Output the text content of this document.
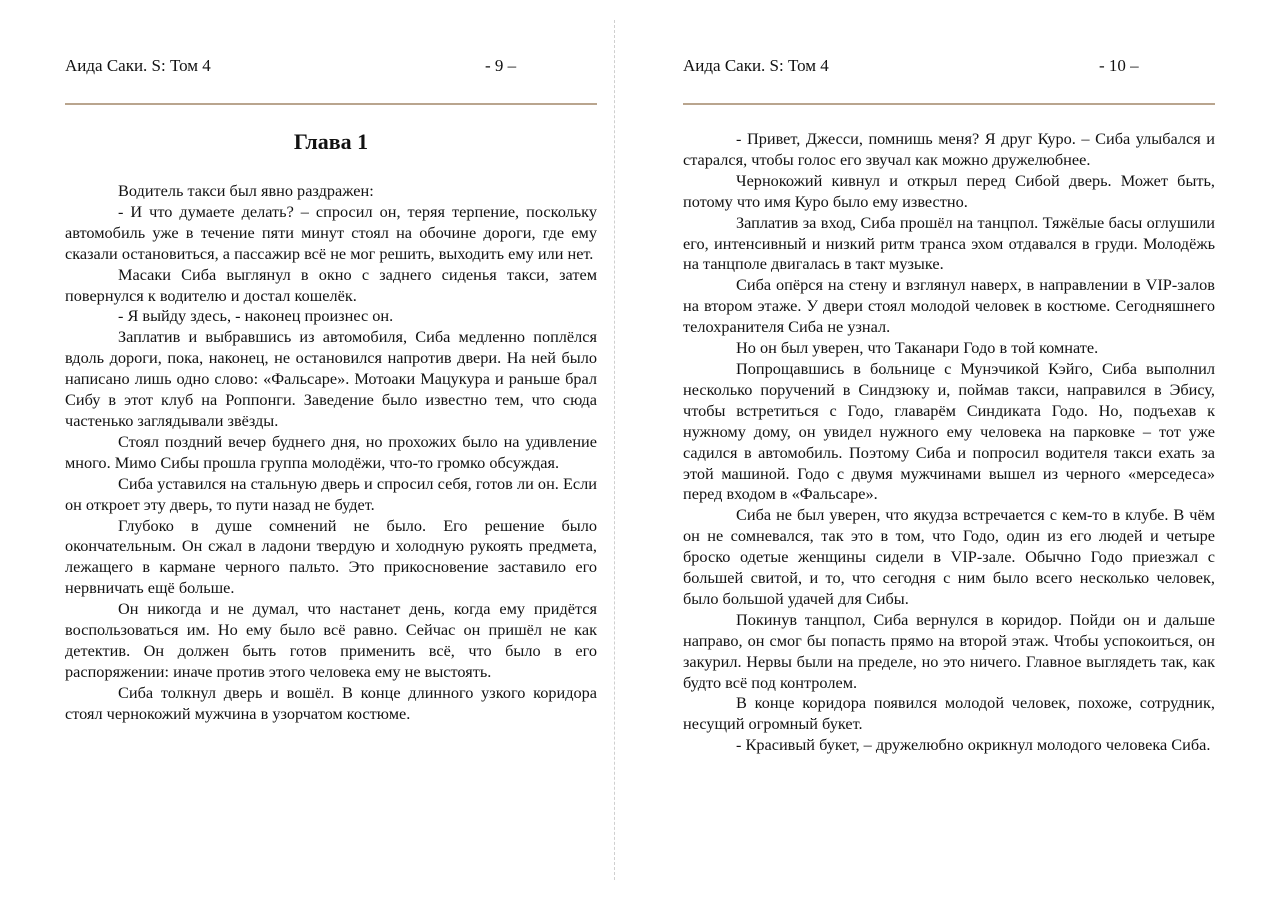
Аида Саки. S: Том 4	- 9 –
Глава 1

Водитель такси был явно раздражен:

- И что думаете делать? – спросил он, теряя терпение, поскольку автомобиль уже в течение пяти минут стоял на обочине дороги, где ему сказали остановиться, а пассажир всё не мог решить, выходить ему или нет.

Масаки Сиба выглянул в окно с заднего сиденья такси, затем повернулся к водителю и достал кошелёк.

- Я выйду здесь, - наконец произнес он.

Заплатив и выбравшись из автомобиля, Сиба медленно поплёлся вдоль дороги, пока, наконец, не остановился напротив двери. На ней было написано лишь одно слово: «Фальсаре». Мотоаки Мацукура и раньше брал Сибу в этот клуб на Роппонги. Заведение было известно тем, что сюда частенько заглядывали звёзды.

Стоял поздний вечер буднего дня, но прохожих было на удивление много. Мимо Сибы прошла группа молодёжи, что-то громко обсуждая.

Сиба уставился на стальную дверь и спросил себя, готов ли он. Если он откроет эту дверь, то пути назад не будет.

Глубоко в душе сомнений не было. Его решение было окончательным. Он сжал в ладони твердую и холодную рукоять предмета, лежащего в кармане черного пальто. Это прикосновение заставило его нервничать ещё больше.

Он никогда и не думал, что настанет день, когда ему придётся воспользоваться им. Но ему было всё равно. Сейчас он пришёл не как детектив. Он должен быть готов применить всё, что было в его распоряжении: иначе против этого человека ему не выстоять.

Сиба толкнул дверь и вошёл. В конце длинного узкого коридора стоял чернокожий мужчина в узорчатом костюме.

Аида Саки. S: Том 4	- 10 –

- Привет, Джесси, помнишь меня? Я друг Куро. – Сиба улыбался и старался, чтобы голос его звучал как можно дружелюбнее.

Чернокожий кивнул и открыл перед Сибой дверь. Может быть, потому что имя Куро было ему известно.

Заплатив за вход, Сиба прошёл на танцпол. Тяжёлые басы оглушили его, интенсивный и низкий ритм транса эхом отдавался в груди. Молодёжь на танцполе двигалась в такт музыке.

Сиба опёрся на стену и взглянул наверх, в направлении в VIP-залов на втором этаже. У двери стоял молодой человек в костюме. Сегодняшнего телохранителя Сиба не узнал.

Но он был уверен, что Таканари Годо в той комнате.

Попрощавшись в больнице с Мунэчикой Кэйго, Сиба выполнил несколько поручений в Синдзюку и, поймав такси, направился в Эбису, чтобы встретиться с Годо, главарём Синдиката Годо. Но, подъехав к нужному дому, он увидел нужного ему человека на парковке – тот уже садился в автомобиль. Поэтому Сиба и попросил водителя такси ехать за этой машиной. Годо с двумя мужчинами вышел из черного «мерседеса» перед входом в «Фальсаре».

Сиба не был уверен, что якудза встречается с кем-то в клубе. В чём он не сомневался, так это в том, что Годо, один из его людей и четыре броско одетые женщины сидели в VIP-зале. Обычно Годо приезжал с большей свитой, и то, что сегодня с ним было всего несколько человек, было большой удачей для Сибы.

Покинув танцпол, Сиба вернулся в коридор. Пойди он и дальше направо, он смог бы попасть прямо на второй этаж. Чтобы успокоиться, он закурил. Нервы были на пределе, но это ничего. Главное выглядеть так, как будто всё под контролем.

В конце коридора появился молодой человек, похоже, сотрудник, несущий огромный букет.

- Красивый букет, – дружелюбно окрикнул молодого человека Сиба.
